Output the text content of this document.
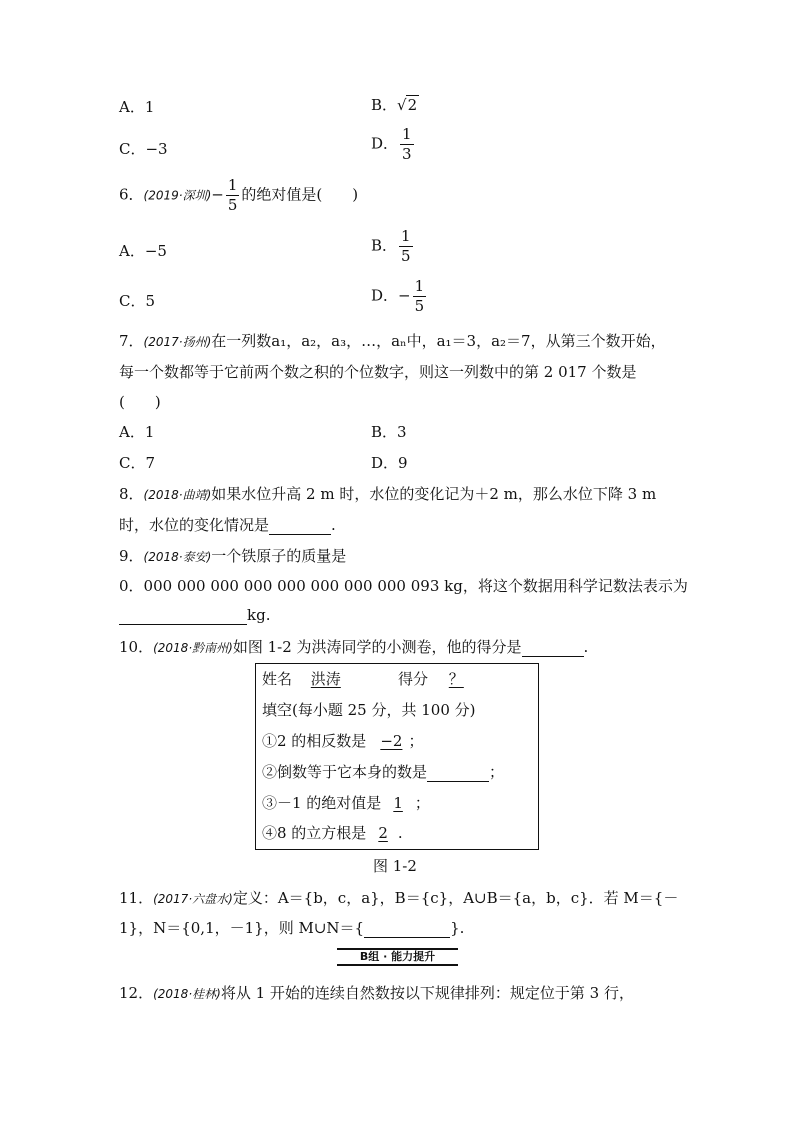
A．1	B．√2
C．−3	D． $\frac{1}{3}$
6．(2019·深圳)− $\frac{1}{5}$ 的绝对值是(　　)
A．−5	B． $\frac{1}{5}$
C．5	D．− $\frac{1}{5}$
7．(2017·扬州)在一列数a₁，a₂，a₃，…，aₙ中，a₁＝3，a₂＝7，从第三个数开始，
每一个数都等于它前两个数之积的个位数字，则这一列数中的第 2 017 个数是
(　　)
A．1	B．3
C．7	D．9
8．(2018·曲靖)如果水位升高 2 m 时，水位的变化记为＋2 m，那么水位下降 3 m
时，水位的变化情况是	.
9．(2018·泰安)一个铁原子的质量是
0．000 000 000 000 000 000 000 000 093 kg，将这个数据用科学记数法表示为
kg.
10．(2018·黔南州)如图 1-2 为洪涛同学的小测卷，他的得分是	.
姓名 洪涛	得分 ？
填空(每小题 25 分，共 100 分)
①2 的相反数是 −2 ；
②倒数等于它本身的数是	；
③－1 的绝对值是 1 ；
④8 的立方根是 2 .
图 1-2
11．(2017·六盘水)定义：A＝{b，c，a}，B＝{c}，A∪B＝{a，b，c}．若 M＝{－
1}，N＝{0,1，－1}，则 M∪N＝{	}.
B组 · 能力提升
12．(2018·桂林)将从 1 开始的连续自然数按以下规律排列：规定位于第 3 行，
